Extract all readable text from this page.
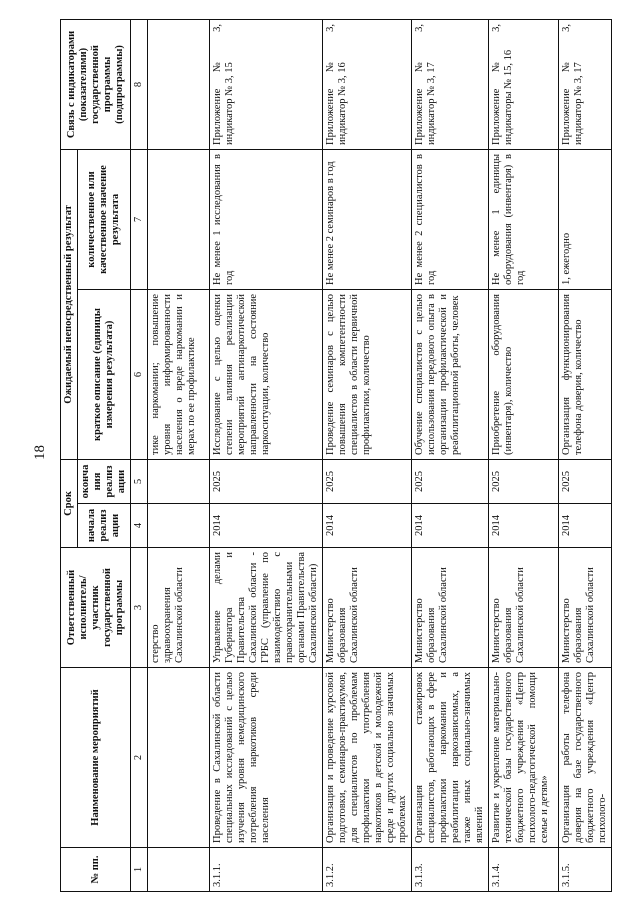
18
№ пп.	Наименование мероприятий	Ответственный исполнитель/ участник государственной программы	Срок		Ожидаемый непосредственный результат		Связь с индикаторами (показателями) государственной программы (подпрограммы)
			начала реализации	окончания реализации	краткое описание (единицы измерения результата)	количественное или качественное значение результата	
1	2	3	4	5	6	7	8
		стерство здравоохранения Сахалинской области			тике наркомании; повышение уровня информированности населения о вреде наркомании и мерах по ее профилактике		
3.1.1.	Проведение в Сахалинской области специальных исследований с целью изучения уровня немедицинского потребления наркотиков среди населения	Управление делами Губернатора и Правительства Сахалинской области - ГРБС (управление по взаимодействию с правоохранительными органами Правительства Сахалинской области)	2014	2025	Исследование с целью оценки степени влияния реализации мероприятий антинаркотической направленности на состояние наркоситуации, количество	Не менее 1 исследования в год	Приложение № 3, индикатор № 3, 15
3.1.2.	Организация и проведение курсовой подготовки, семинаров-практикумов, для специалистов по проблемам профилактики употребления наркотиков в детской и молодежной среде и других социально значимых проблемах	Министерство образования Сахалинской области	2014	2025	Проведение семинаров с целью повышения компетентности специалистов в области первичной профилактики, количество	Не менее 2 семинаров в год	Приложение № 3, индикатор № 3, 16
3.1.3.	Организация стажировок специалистов, работающих в сфере профилактики наркомании и реабилитации наркозависимых, а также иных социально-значимых явлений	Министерство образования Сахалинской области	2014	2025	Обучение специалистов с целью использования передового опыта в организации профилактической и реабилитационной работы, человек	Не менее 2 специалистов в год	Приложение № 3, индикатор № 3, 17
3.1.4.	Развитие и укрепление материально-технической базы государственного бюджетного учреждения «Центр психолого-педагогической помощи семье и детям»	Министерство образования Сахалинской области	2014	2025	Приобретение оборудования (инвентаря), количество	Не менее 1 единицы оборудования (инвентаря) в год	Приложение № 3, индикаторы № 15, 16
3.1.5.	Организация работы телефона доверия на базе государственного бюджетного учреждения «Центр психолого-	Министерство образования Сахалинской области	2014	2025	Организация функционирования телефона доверия, количество	1, ежегодно	Приложение № 3, индикатор № 3, 17
